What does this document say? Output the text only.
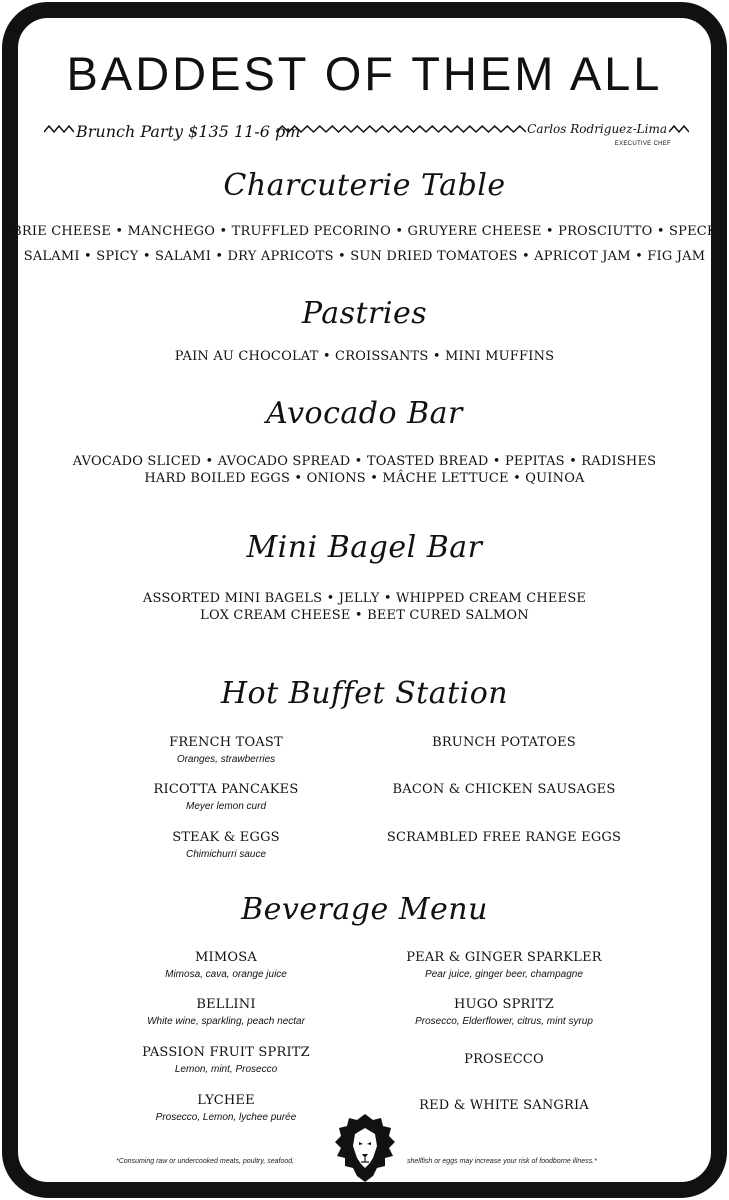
BADDEST OF THEM ALL
Brunch Party $135 11-6 pm	Carlos Rodriguez-Lima
EXECUTIVE CHEF
Charcuterie Table
BRIE CHEESE • MANCHEGO • TRUFFLED PECORINO • GRUYERE CHEESE • PROSCIUTTO • SPECK
SALAMI • SPICY • SALAMI • DRY APRICOTS • SUN DRIED TOMATOES • APRICOT JAM • FIG JAM
Pastries
PAIN AU CHOCOLAT • CROISSANTS • MINI MUFFINS
Avocado Bar
AVOCADO SLICED • AVOCADO SPREAD • TOASTED BREAD • PEPITAS • RADISHES
HARD BOILED EGGS • ONIONS • MÂCHE LETTUCE • QUINOA
Mini Bagel Bar
ASSORTED MINI BAGELS • JELLY • WHIPPED CREAM CHEESE
LOX CREAM CHEESE • BEET CURED SALMON
Hot Buffet Station
FRENCH TOAST
Oranges, strawberries
RICOTTA PANCAKES
Meyer lemon curd
STEAK & EGGS
Chimichurri sauce
BRUNCH POTATOES
BACON & CHICKEN SAUSAGES
SCRAMBLED FREE RANGE EGGS
Beverage Menu
MIMOSA
Mimosa, cava, orange juice
BELLINI
White wine, sparkling, peach nectar
PASSION FRUIT SPRITZ
Lemon, mint, Prosecco
LYCHEE
Prosecco, Lemon, lychee purée
PEAR & GINGER SPARKLER
Pear juice, ginger beer, champagne
HUGO SPRITZ
Prosecco, Elderflower, citrus, mint syrup
PROSECCO
RED & WHITE SANGRIA
*Consuming raw or undercooked meats, poultry, seafood,	shellfish or eggs may increase your risk of foodborne illness.*
